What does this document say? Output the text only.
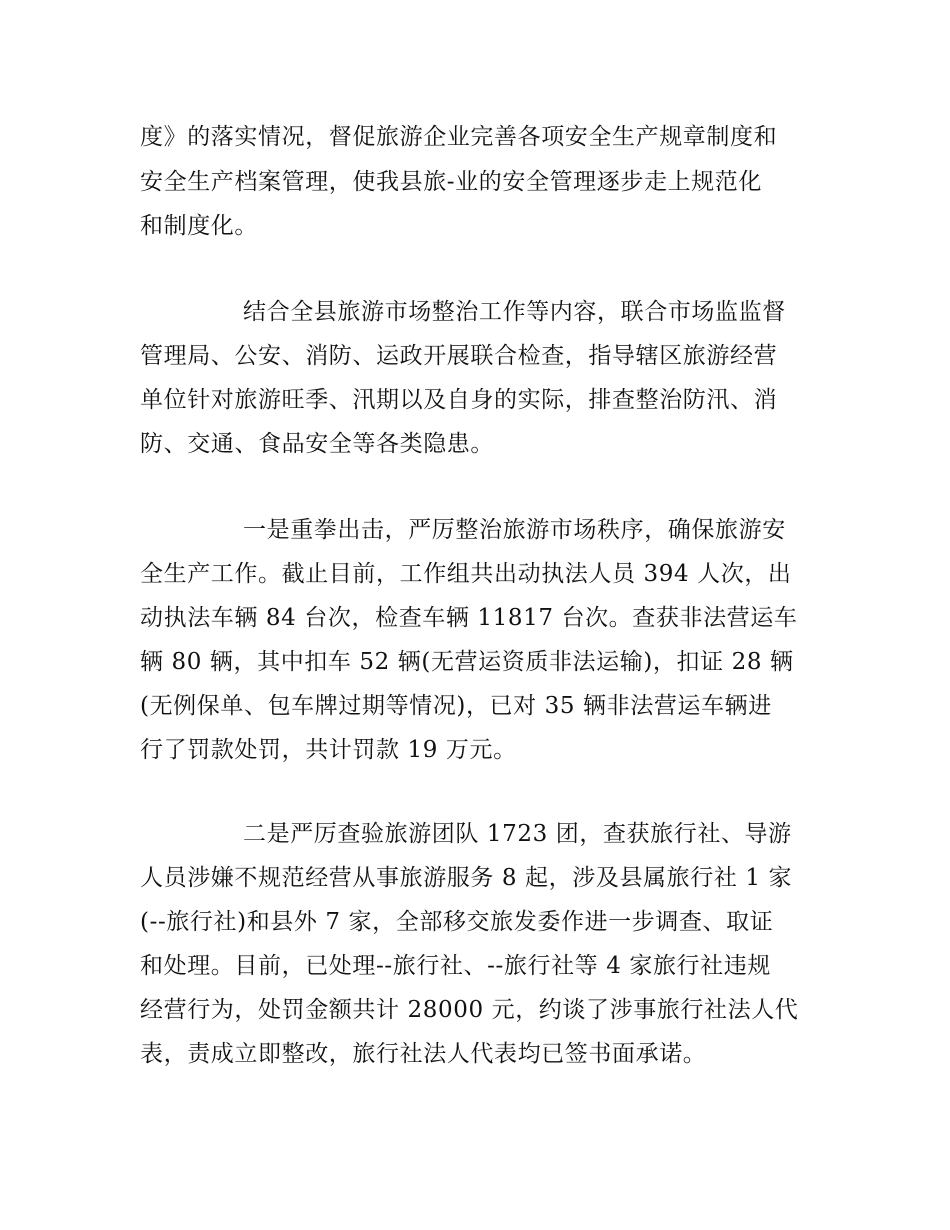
度》的落实情况，督促旅游企业完善各项安全生产规章制度和

安全生产档案管理，使我县旅-业的安全管理逐步走上规范化

和制度化。

结合全县旅游市场整治工作等内容，联合市场监监督

管理局、公安、消防、运政开展联合检查，指导辖区旅游经营

单位针对旅游旺季、汛期以及自身的实际，排查整治防汛、消

防、交通、食品安全等各类隐患。

一是重拳出击，严厉整治旅游市场秩序，确保旅游安

全生产工作。截止目前，工作组共出动执法人员 394 人次，出

动执法车辆 84 台次，检查车辆 11817 台次。查获非法营运车

辆 80 辆，其中扣车 52 辆(无营运资质非法运输)，扣证 28 辆

(无例保单、包车牌过期等情况)，已对 35 辆非法营运车辆进

行了罚款处罚，共计罚款 19 万元。

二是严厉查验旅游团队 1723 团，查获旅行社、导游

人员涉嫌不规范经营从事旅游服务 8 起，涉及县属旅行社 1 家

(--旅行社)和县外 7 家，全部移交旅发委作进一步调查、取证

和处理。目前，已处理--旅行社、--旅行社等 4 家旅行社违规

经营行为，处罚金额共计 28000 元，约谈了涉事旅行社法人代

表，责成立即整改，旅行社法人代表均已签书面承诺。
